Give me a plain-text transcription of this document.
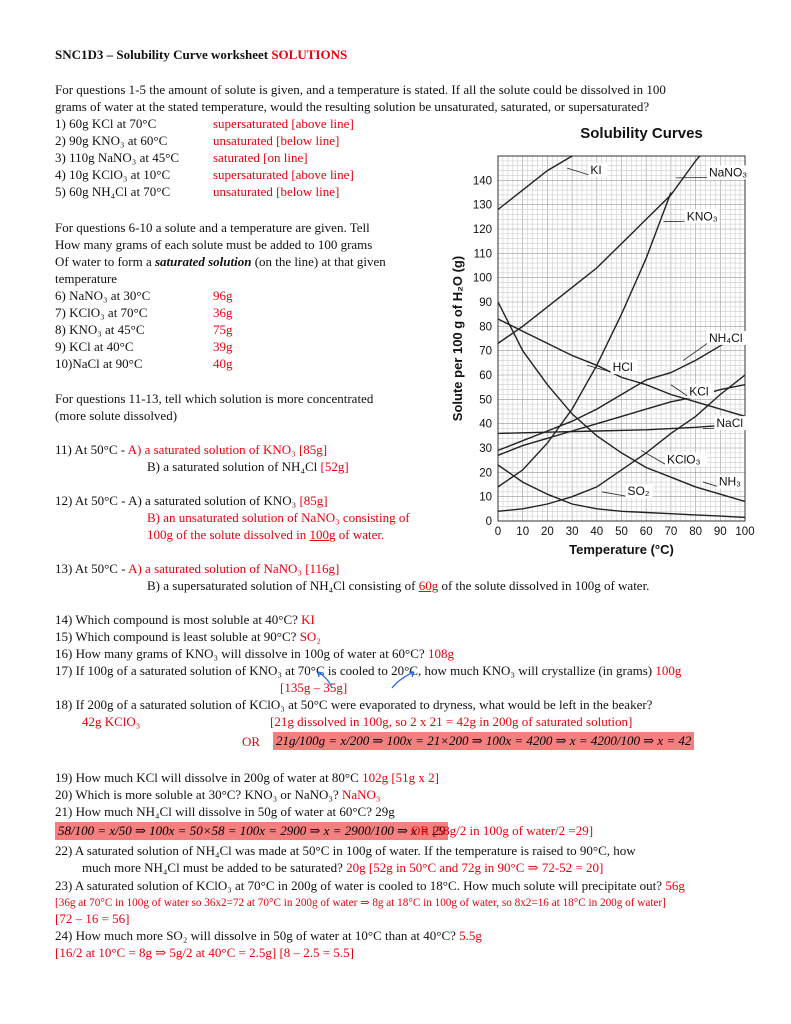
SNC1D3 – Solubility Curve worksheet SOLUTIONS
For questions 1-5 the amount of solute is given, and a temperature is stated. If all the solute could be dissolved in 100
grams of water at the stated temperature, would the resulting solution be unsaturated, saturated, or supersaturated?
1) 60g KCl at 70°C	supersaturated [above line]
2) 90g KNO₃ at 60°C	unsaturated [below line]
3) 110g NaNO₃ at 45°C	saturated [on line]
4) 10g KClO₃ at 10°C	supersaturated [above line]
5) 60g NH₄Cl at 70°C	unsaturated [below line]
For questions 6-10 a solute and a temperature are given. Tell
How many grams of each solute must be added to 100 grams
Of water to form a saturated solution (on the line) at that given
temperature
6) NaNO₃ at 30°C	96g
7) KClO₃ at 70°C	36g
8) KNO₃ at 45°C	75g
9) KCl at 40°C	39g
10)NaCl at 90°C	40g
For questions 11-13, tell which solution is more concentrated
(more solute dissolved)
11) At 50°C - A) a saturated solution of KNO₃ [85g]
B) a saturated solution of NH₄Cl [52g]
12) At 50°C - A) a saturated solution of KNO₃ [85g]
B) an unsaturated solution of NaNO₃ consisting of
100g of the solute dissolved in 100g of water.
13) At 50°C - A) a saturated solution of NaNO₃ [116g]
B) a supersaturated solution of NH₄Cl consisting of 60g of the solute dissolved in 100g of water.
14) Which compound is most soluble at 40°C? KI
15) Which compound is least soluble at 90°C? SO₂
16) How many grams of KNO₃ will dissolve in 100g of water at 60°C? 108g
17) If 100g of a saturated solution of KNO₃ at 70°C is cooled to 20°C, how much KNO₃ will crystallize (in grams) 100g
[135g – 35g]
18) If 200g of a saturated solution of KClO₃ at 50°C were evaporated to dryness, what would be left in the beaker?
42g KClO₃	[21g dissolved in 100g, so 2 x 21 = 42g in 200g of saturated solution]
OR 21g/100g = x/200 ⇒ 100x = 21×200 ⇒ 100x = 4200 ⇒ x = 4200/100 ⇒ x = 42
19) How much KCl will dissolve in 200g of water at 80°C 102g [51g x 2]
20) Which is more soluble at 30°C? KNO₃ or NaNO₃? NaNO₃
21) How much NH₄Cl will dissolve in 50g of water at 60°C? 29g
58/100 = x/50 ⇒ 100x = 50×58 = 100x = 2900 ⇒ x = 2900/100 ⇒ x = 29
OR [58g/2 in 100g of water/2 =29]
22) A saturated solution of NH₄Cl was made at 50°C in 100g of water. If the temperature is raised to 90°C, how
much more NH₄Cl must be added to be saturated? 20g [52g in 50°C and 72g in 90°C ⇒ 72-52 = 20]
23) A saturated solution of KClO₃ at 70°C in 200g of water is cooled to 18°C. How much solute will precipitate out? 56g
[36g at 70°C in 100g of water so 36x2=72 at 70°C in 200g of water ⇒ 8g at 18°C in 100g of water, so 8x2=16 at 18°C in 200g of water]
[72 – 16 = 56]
24) How much more SO₂ will dissolve in 50g of water at 10°C than at 40°C? 5.5g
[16/2 at 10°C = 8g ⇒ 5g/2 at 40°C = 2.5g] [8 – 2.5 = 5.5]
0 10 20 30 40 50 60 70 80 90 100
0
10
20
30
40
50
60
70
80
90
100
110
120
130
140
Solubility Curves
Temperature (°C)
Solute per 100 g of H₂O (g)
KI	NaNO₃
KNO₃
NH₄Cl
HCl
KCl
NaCl
KClO₃
NH₃
SO₂
